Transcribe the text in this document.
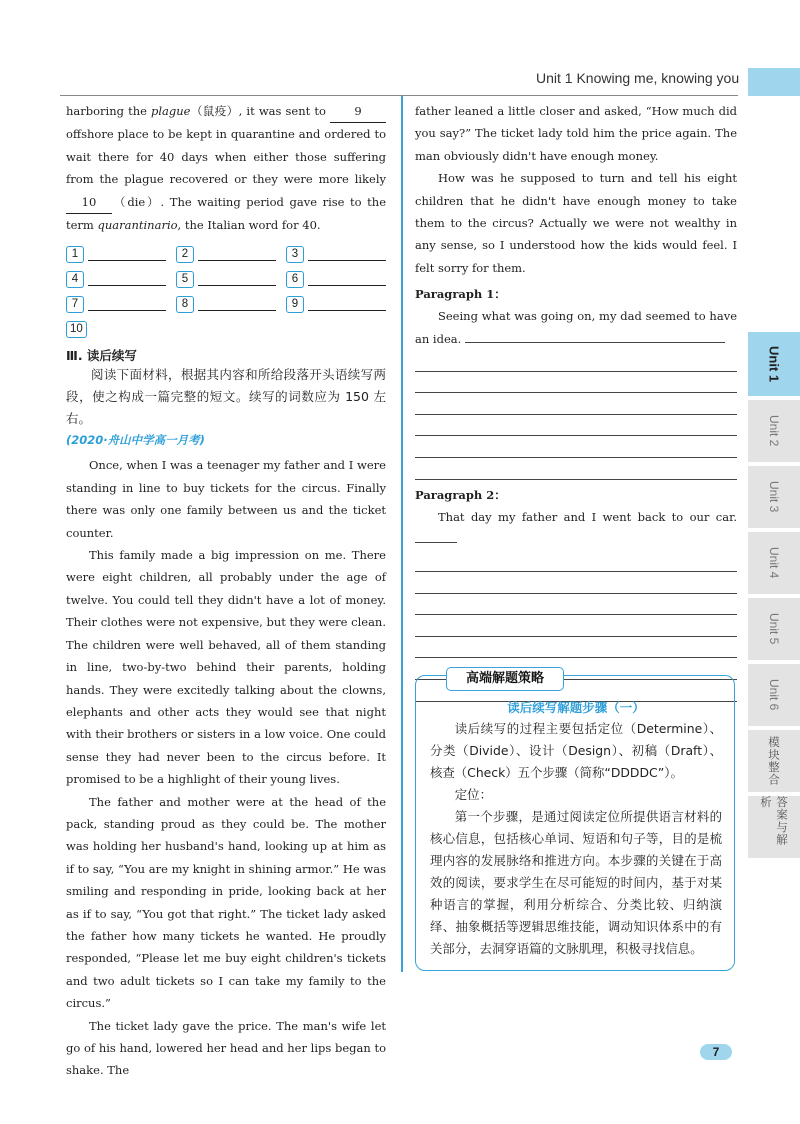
Unit 1 Knowing me, knowing you

harboring the plague（鼠疫）, it was sent to 9 offshore place to be kept in quarantine and ordered to wait there for 40 days when either those suffering from the plague recovered or they were more likely 10 （die）. The waiting period gave rise to the term quarantinario, the Italian word for 40.

1	2	3
4	5	6
7	8	9
10
Ⅲ. 读后续写

阅读下面材料，根据其内容和所给段落开头语续写两段，使之构成一篇完整的短文。续写的词数应为 150 左右。

(2020·舟山中学高一月考)

Once, when I was a teenager my father and I were standing in line to buy tickets for the circus. Finally there was only one family between us and the ticket counter.

This family made a big impression on me. There were eight children, all probably under the age of twelve. You could tell they didn't have a lot of money. Their clothes were not expensive, but they were clean. The children were well behaved, all of them standing in line, two-by-two behind their parents, holding hands. They were excitedly talking about the clowns, elephants and other acts they would see that night with their brothers or sisters in a low voice. One could sense they had never been to the circus before. It promised to be a highlight of their young lives.

The father and mother were at the head of the pack, standing proud as they could be. The mother was holding her husband's hand, looking up at him as if to say, “You are my knight in shining armor.” He was smiling and responding in pride, looking back at her as if to say, “You got that right.” The ticket lady asked the father how many tickets he wanted. He proudly responded, “Please let me buy eight children's tickets and two adult tickets so I can take my family to the circus.”

The ticket lady gave the price. The man's wife let go of his hand, lowered her head and her lips began to shake. The

father leaned a little closer and asked, “How much did you say?” The ticket lady told him the price again. The man obviously didn't have enough money.

How was he supposed to turn and tell his eight children that he didn't have enough money to take them to the circus? Actually we were not wealthy in any sense, so I understood how the kids would feel. I felt sorry for them.

Paragraph 1：

Seeing what was going on, my dad seemed to have an idea.

Paragraph 2：

That day my father and I went back to our car.

高端解题策略
读后续写解题步骤（一）

读后续写的过程主要包括定位（Determine）、分类（Divide）、设计（Design）、初稿（Draft）、核查（Check）五个步骤（简称“DDDDC”）。

定位：

第一个步骤，是通过阅读定位所提供语言材料的核心信息，包括核心单词、短语和句子等，目的是梳理内容的发展脉络和推进方向。本步骤的关键在于高效的阅读，要求学生在尽可能短的时间内，基于对某种语言的掌握，利用分析综合、分类比较、归纳演绎、抽象概括等逻辑思维技能，调动知识体系中的有关部分，去洞穿语篇的文脉肌理，积极寻找信息。

Unit 1
Unit 2
Unit 3
Unit 4
Unit 5
Unit 6
模块整合
答案与解析
7
